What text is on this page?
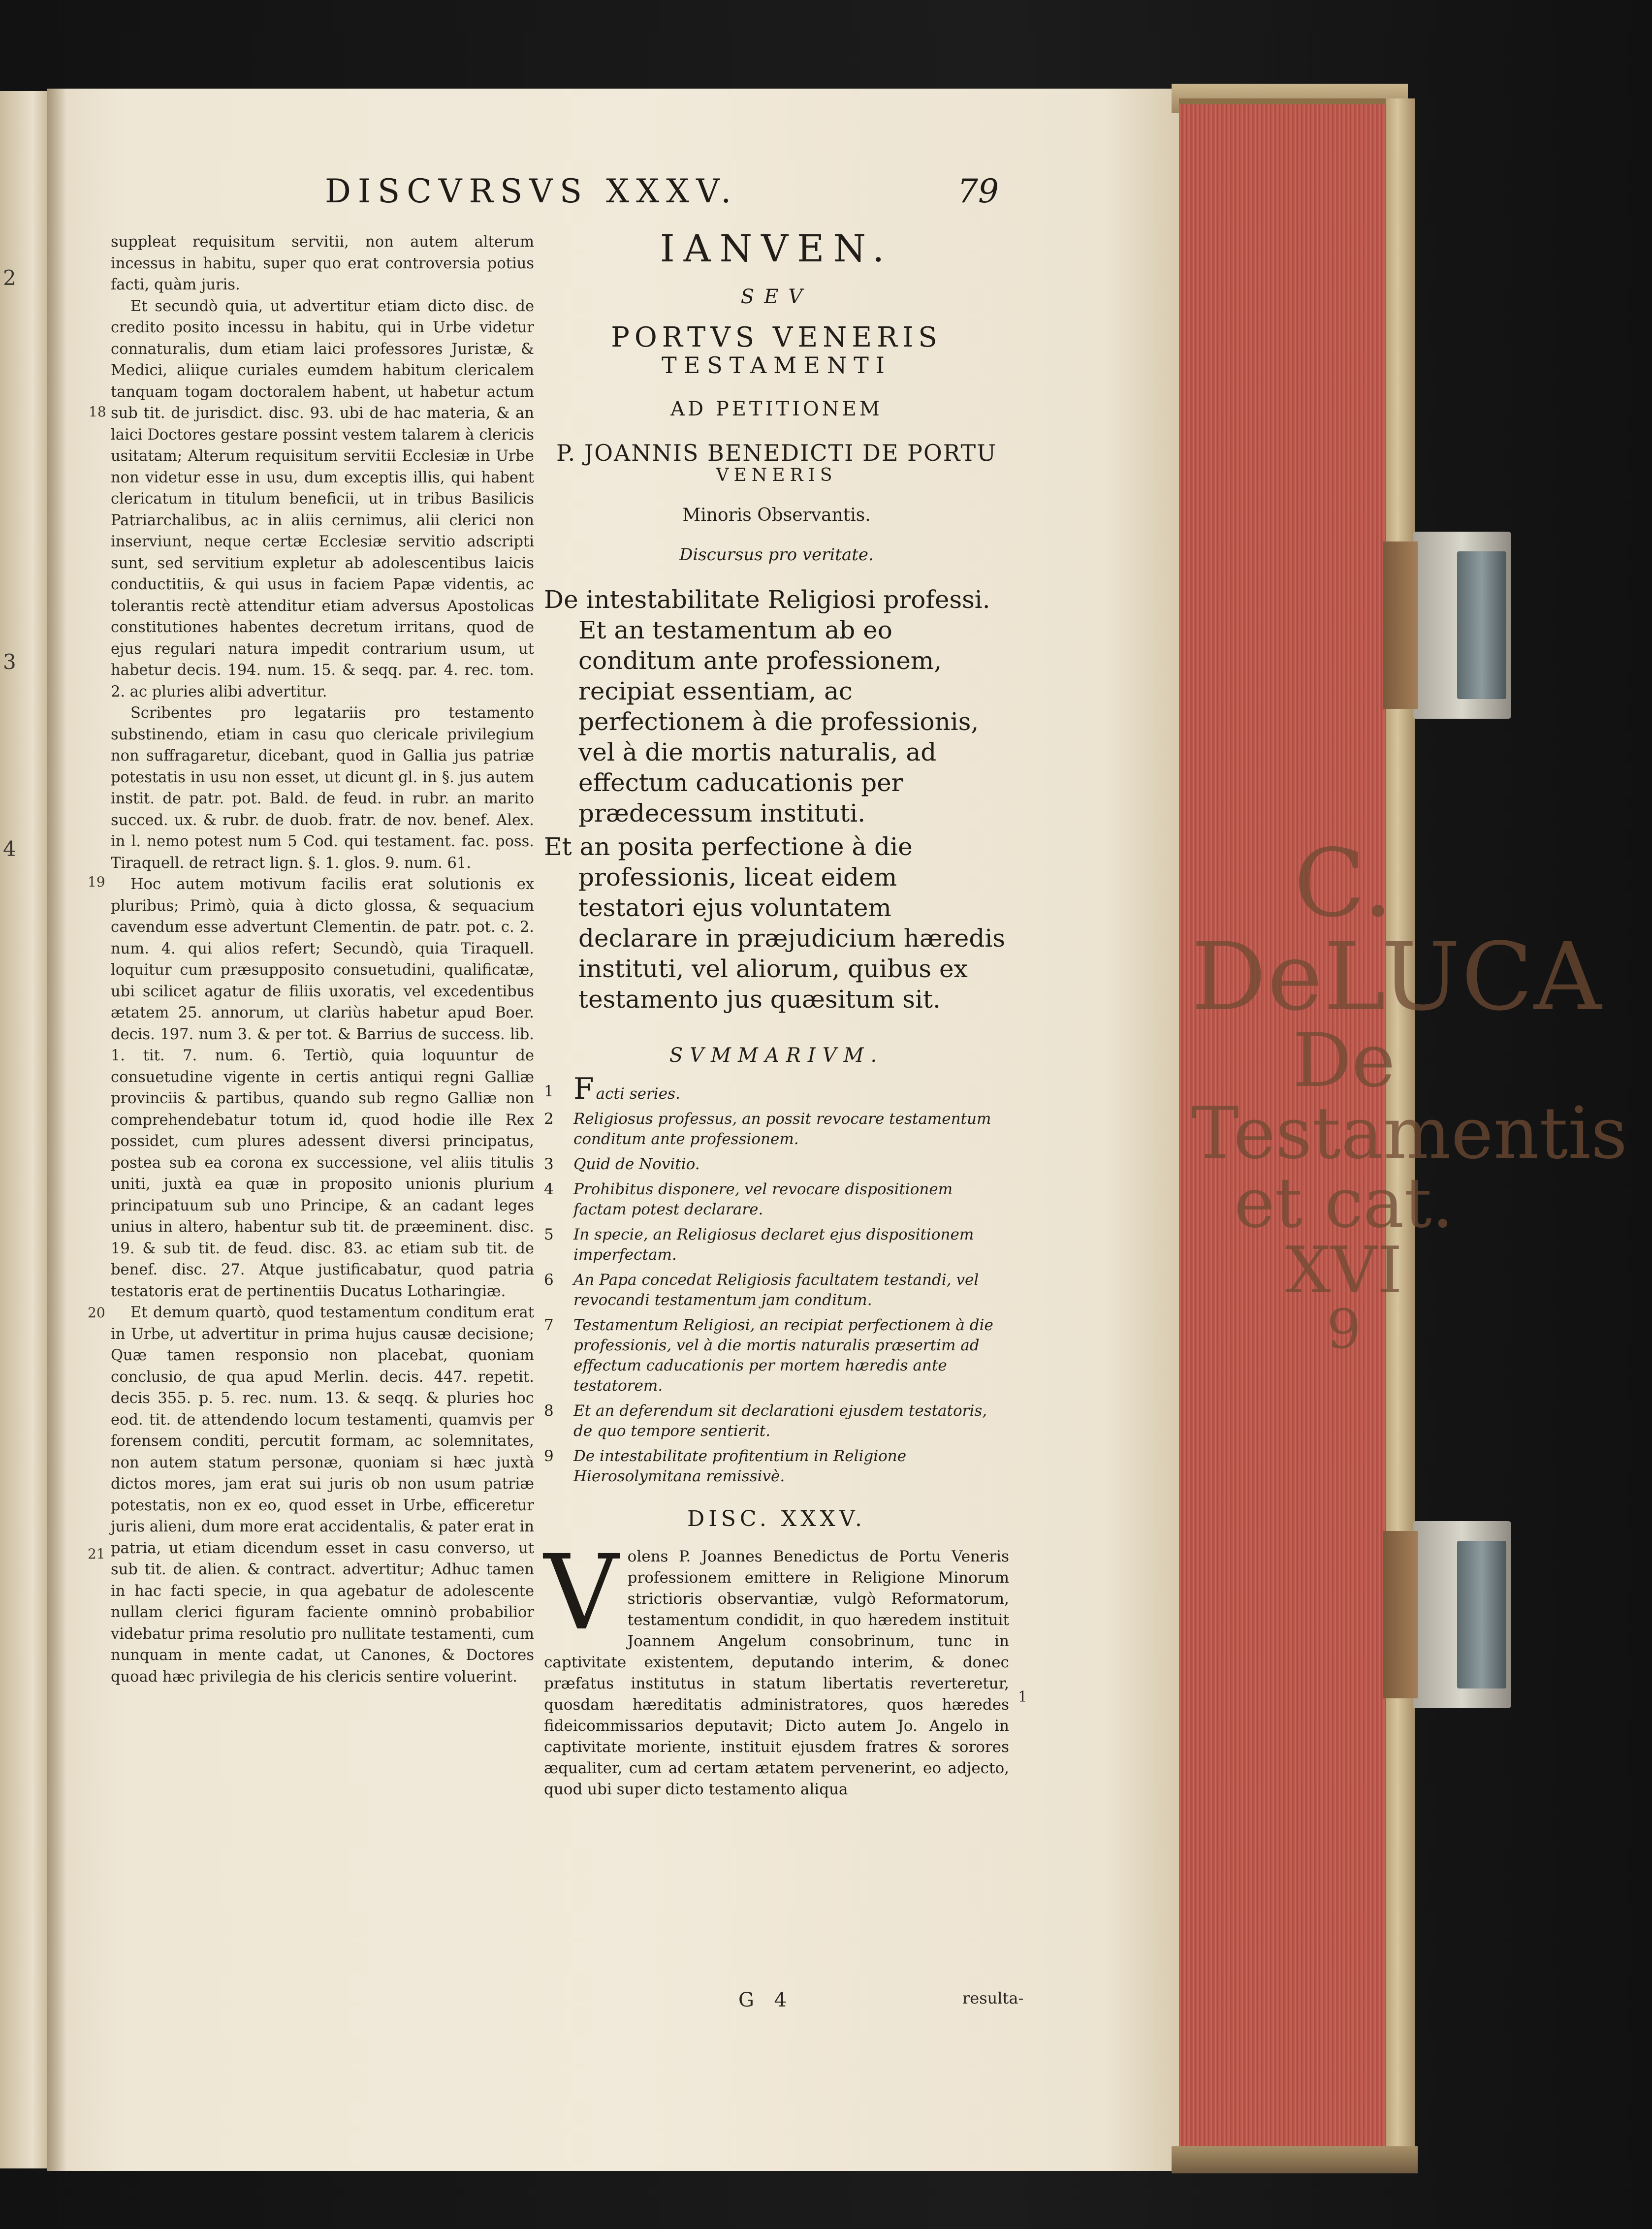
C. DeLUCA
De
Testamentis
et cat.
XVI
9
2
3
4
DISCVRSVS XXXV.	79

suppleat requisitum servitii, non autem alterum incessus in habitu, super quo erat controversia potius facti, quàm juris.

Et secundò quia, ut advertitur etiam dicto disc. de credito posito incessu in habitu, qui in Urbe videtur connaturalis, dum etiam laici professores Juristæ, & Medici, aliique curiales eumdem habitum clericalem tanquam togam doctoralem habent, ut habetur actum sub tit. de jurisdict. disc. 93. ubi de hac materia, & an laici Doctores gestare possint vestem talarem à clericis usitatam; Alterum requisitum servitii Ecclesiæ in Urbe non videtur esse in usu, dum exceptis illis, qui habent clericatum in titulum beneficii, ut in tribus Basilicis Patriarchalibus, ac in aliis cernimus, alii clerici non inserviunt, neque certæ Ecclesiæ servitio adscripti sunt, sed servitium expletur ab adolescentibus laicis conductitiis, & qui usus in faciem Papæ videntis, ac tolerantis rectè attenditur etiam adversus Apostolicas constitutiones habentes decretum irritans, quod de ejus regulari natura impedit contrarium usum, ut habetur decis. 194. num. 15. & seqq. par. 4. rec. tom. 2. ac pluries alibi advertitur.

Scribentes pro legatariis pro testamento substinendo, etiam in casu quo clericale privilegium non suffragaretur, dicebant, quod in Gallia jus patriæ potestatis in usu non esset, ut dicunt gl. in §. jus autem instit. de patr. pot. Bald. de feud. in rubr. an marito succed. ux. & rubr. de duob. fratr. de nov. benef. Alex. in l. nemo potest num 5 Cod. qui testament. fac. poss. Tiraquell. de retract lign. §. 1. glos. 9. num. 61.

Hoc autem motivum facilis erat solutionis ex pluribus; Primò, quia à dicto glossa, & sequacium cavendum esse advertunt Clementin. de patr. pot. c. 2. num. 4. qui alios refert; Secundò, quia Tiraquell. loquitur cum præsupposito consuetudini, qualificatæ, ubi scilicet agatur de filiis uxoratis, vel excedentibus ætatem 25. annorum, ut clariùs habetur apud Boer. decis. 197. num 3. & per tot. & Barrius de success. lib. 1. tit. 7. num. 6. Tertiò, quia loquuntur de consuetudine vigente in certis antiqui regni Galliæ provinciis & partibus, quando sub regno Galliæ non comprehendebatur totum id, quod hodie ille Rex possidet, cum plures adessent diversi principatus, postea sub ea corona ex successione, vel aliis titulis uniti, juxtà ea quæ in proposito unionis plurium principatuum sub uno Principe, & an cadant leges unius in altero, habentur sub tit. de præeminent. disc. 19. & sub tit. de feud. disc. 83. ac etiam sub tit. de benef. disc. 27. Atque justificabatur, quod patria testatoris erat de pertinentiis Ducatus Lotharingiæ.

Et demum quartò, quod testamentum conditum erat in Urbe, ut advertitur in prima hujus causæ decisione; Quæ tamen responsio non placebat, quoniam conclusio, de qua apud Merlin. decis. 447. repetit. decis 355. p. 5. rec. num. 13. & seqq. & pluries hoc eod. tit. de attendendo locum testamenti, quamvis per forensem conditi, percutit formam, ac solemnitates, non autem statum personæ, quoniam si hæc juxtà dictos mores, jam erat sui juris ob non usum patriæ potestatis, non ex eo, quod esset in Urbe, efficeretur juris alieni, dum more erat accidentalis, & pater erat in patria, ut etiam dicendum esset in casu converso, ut sub tit. de alien. & contract. advertitur; Adhuc tamen in hac facti specie, in qua agebatur de adolescente nullam clerici figuram faciente omninò probabilior videbatur prima resolutio pro nullitate testamenti, cum nunquam in mente cadat, ut Canones, & Doctores quoad hæc privilegia de his clericis sentire voluerint.

18
19
20
21
IANVEN.
SEV
PORTVS VENERIS
TESTAMENTI
AD PETITIONEM
P. JOANNIS BENEDICTI DE PORTU
VENERIS
Minoris Observantis.
Discursus pro veritate.

De intestabilitate Religiosi professi. Et an testamentum ab eo conditum ante professionem, recipiat essentiam, ac perfectionem à die professionis, vel à die mortis naturalis, ad effectum caducationis per prædecessum instituti.

Et an posita perfectione à die professionis, liceat eidem testatori ejus voluntatem declarare in præjudicium hæredis instituti, vel aliorum, quibus ex testamento jus quæsitum sit.

SVMMARIVM.
1 F acti series.
2 Religiosus professus, an possit revocare testamentum conditum ante professionem.
3 Quid de Novitio.
4 Prohibitus disponere, vel revocare dispositionem factam potest declarare.
5 In specie, an Religiosus declaret ejus dispositionem imperfectam.
6 An Papa concedat Religiosis facultatem testandi, vel revocandi testamentum jam conditum.
7 Testamentum Religiosi, an recipiat perfectionem à die professionis, vel à die mortis naturalis præsertim ad effectum caducationis per mortem hæredis ante testatorem.
8 Et an deferendum sit declarationi ejusdem testatoris, de quo tempore sentierit.
9 De intestabilitate profitentium in Religione Hierosolymitana remissivè.
DISC. XXXV.
Volens P. Joannes Benedictus de Portu Veneris professionem emittere in Religione Minorum strictioris observantiæ, vulgò Reformatorum, testamentum condidit, in quo hæredem instituit Joannem Angelum consobrinum, tunc in captivitate existentem, deputando interim, & donec præfatus institutus in statum libertatis reverteretur, quosdam hæreditatis administratores, quos hæredes fideicommissarios deputavit; Dicto autem Jo. Angelo in captivitate moriente, instituit ejusdem fratres & sorores æqualiter, cum ad certam ætatem pervenerint, eo adjecto, quod ubi super dicto testamento aliqua
1
G 4	resulta-
